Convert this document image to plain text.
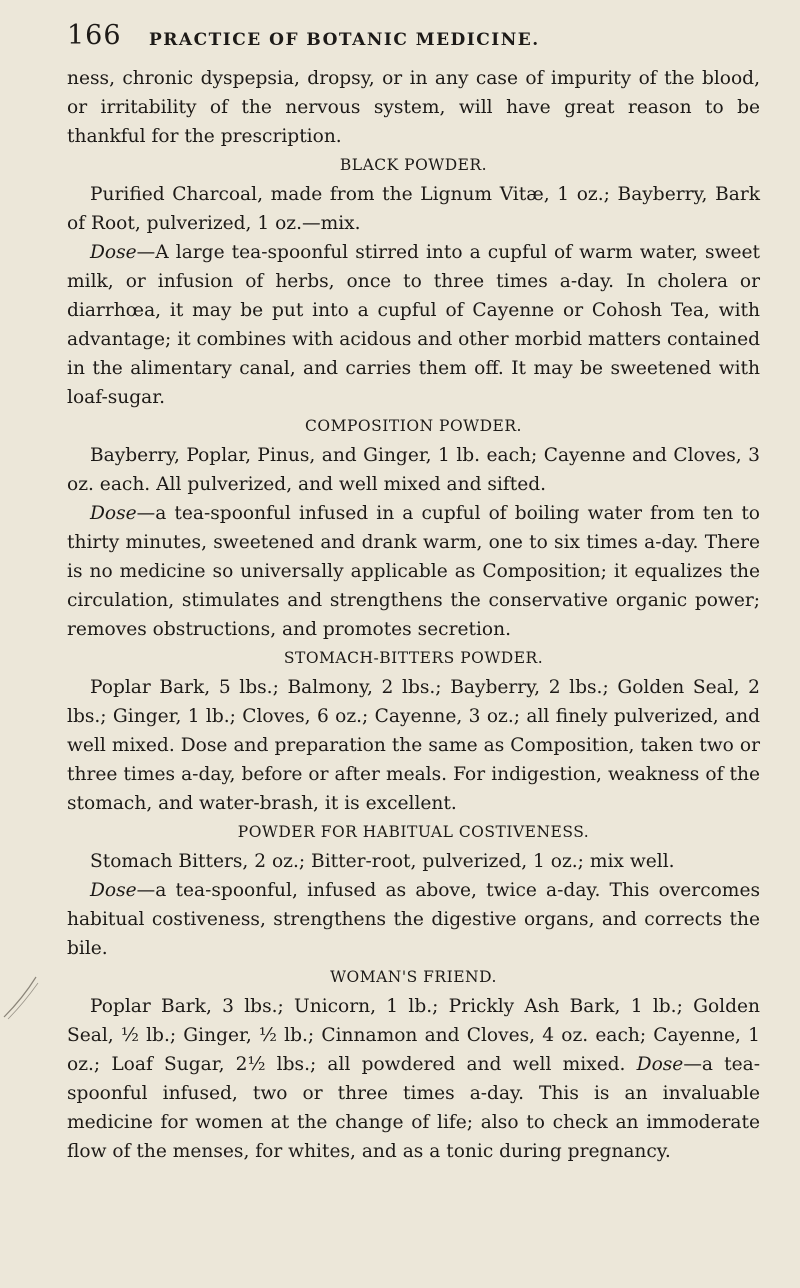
166 PRACTICE OF BOTANIC MEDICINE.

ness, chronic dyspepsia, dropsy, or in any case of impurity of the blood, or irritability of the nervous system, will have great reason to be thankful for the prescription.

BLACK POWDER.

Purified Charcoal, made from the Lignum Vitæ, 1 oz.; Bayberry, Bark of Root, pulverized, 1 oz.—mix.

Dose—A large tea-spoonful stirred into a cupful of warm water, sweet milk, or infusion of herbs, once to three times a-day. In cholera or diarrhœa, it may be put into a cupful of Cayenne or Cohosh Tea, with advantage; it combines with acidous and other morbid matters contained in the alimentary canal, and carries them off. It may be sweetened with loaf-sugar.

COMPOSITION POWDER.

Bayberry, Poplar, Pinus, and Ginger, 1 lb. each; Cayenne and Cloves, 3 oz. each. All pulverized, and well mixed and sifted.

Dose—a tea-spoonful infused in a cupful of boiling water from ten to thirty minutes, sweetened and drank warm, one to six times a-day. There is no medicine so universally applicable as Composition; it equalizes the circulation, stimulates and strengthens the conservative organic power; removes obstructions, and promotes secretion.

STOMACH-BITTERS POWDER.

Poplar Bark, 5 lbs.; Balmony, 2 lbs.; Bayberry, 2 lbs.; Golden Seal, 2 lbs.; Ginger, 1 lb.; Cloves, 6 oz.; Cayenne, 3 oz.; all finely pulverized, and well mixed. Dose and preparation the same as Composition, taken two or three times a-day, before or after meals. For indigestion, weakness of the stomach, and water-brash, it is excellent.

POWDER FOR HABITUAL COSTIVENESS.

Stomach Bitters, 2 oz.; Bitter-root, pulverized, 1 oz.; mix well.

Dose—a tea-spoonful, infused as above, twice a-day. This overcomes habitual costiveness, strengthens the digestive organs, and corrects the bile.

WOMAN'S FRIEND.

Poplar Bark, 3 lbs.; Unicorn, 1 lb.; Prickly Ash Bark, 1 lb.; Golden Seal, ½ lb.; Ginger, ½ lb.; Cinnamon and Cloves, 4 oz. each; Cayenne, 1 oz.; Loaf Sugar, 2½ lbs.; all powdered and well mixed. Dose—a tea-spoonful infused, two or three times a-day. This is an invaluable medicine for women at the change of life; also to check an immoderate flow of the menses, for whites, and as a tonic during pregnancy.
